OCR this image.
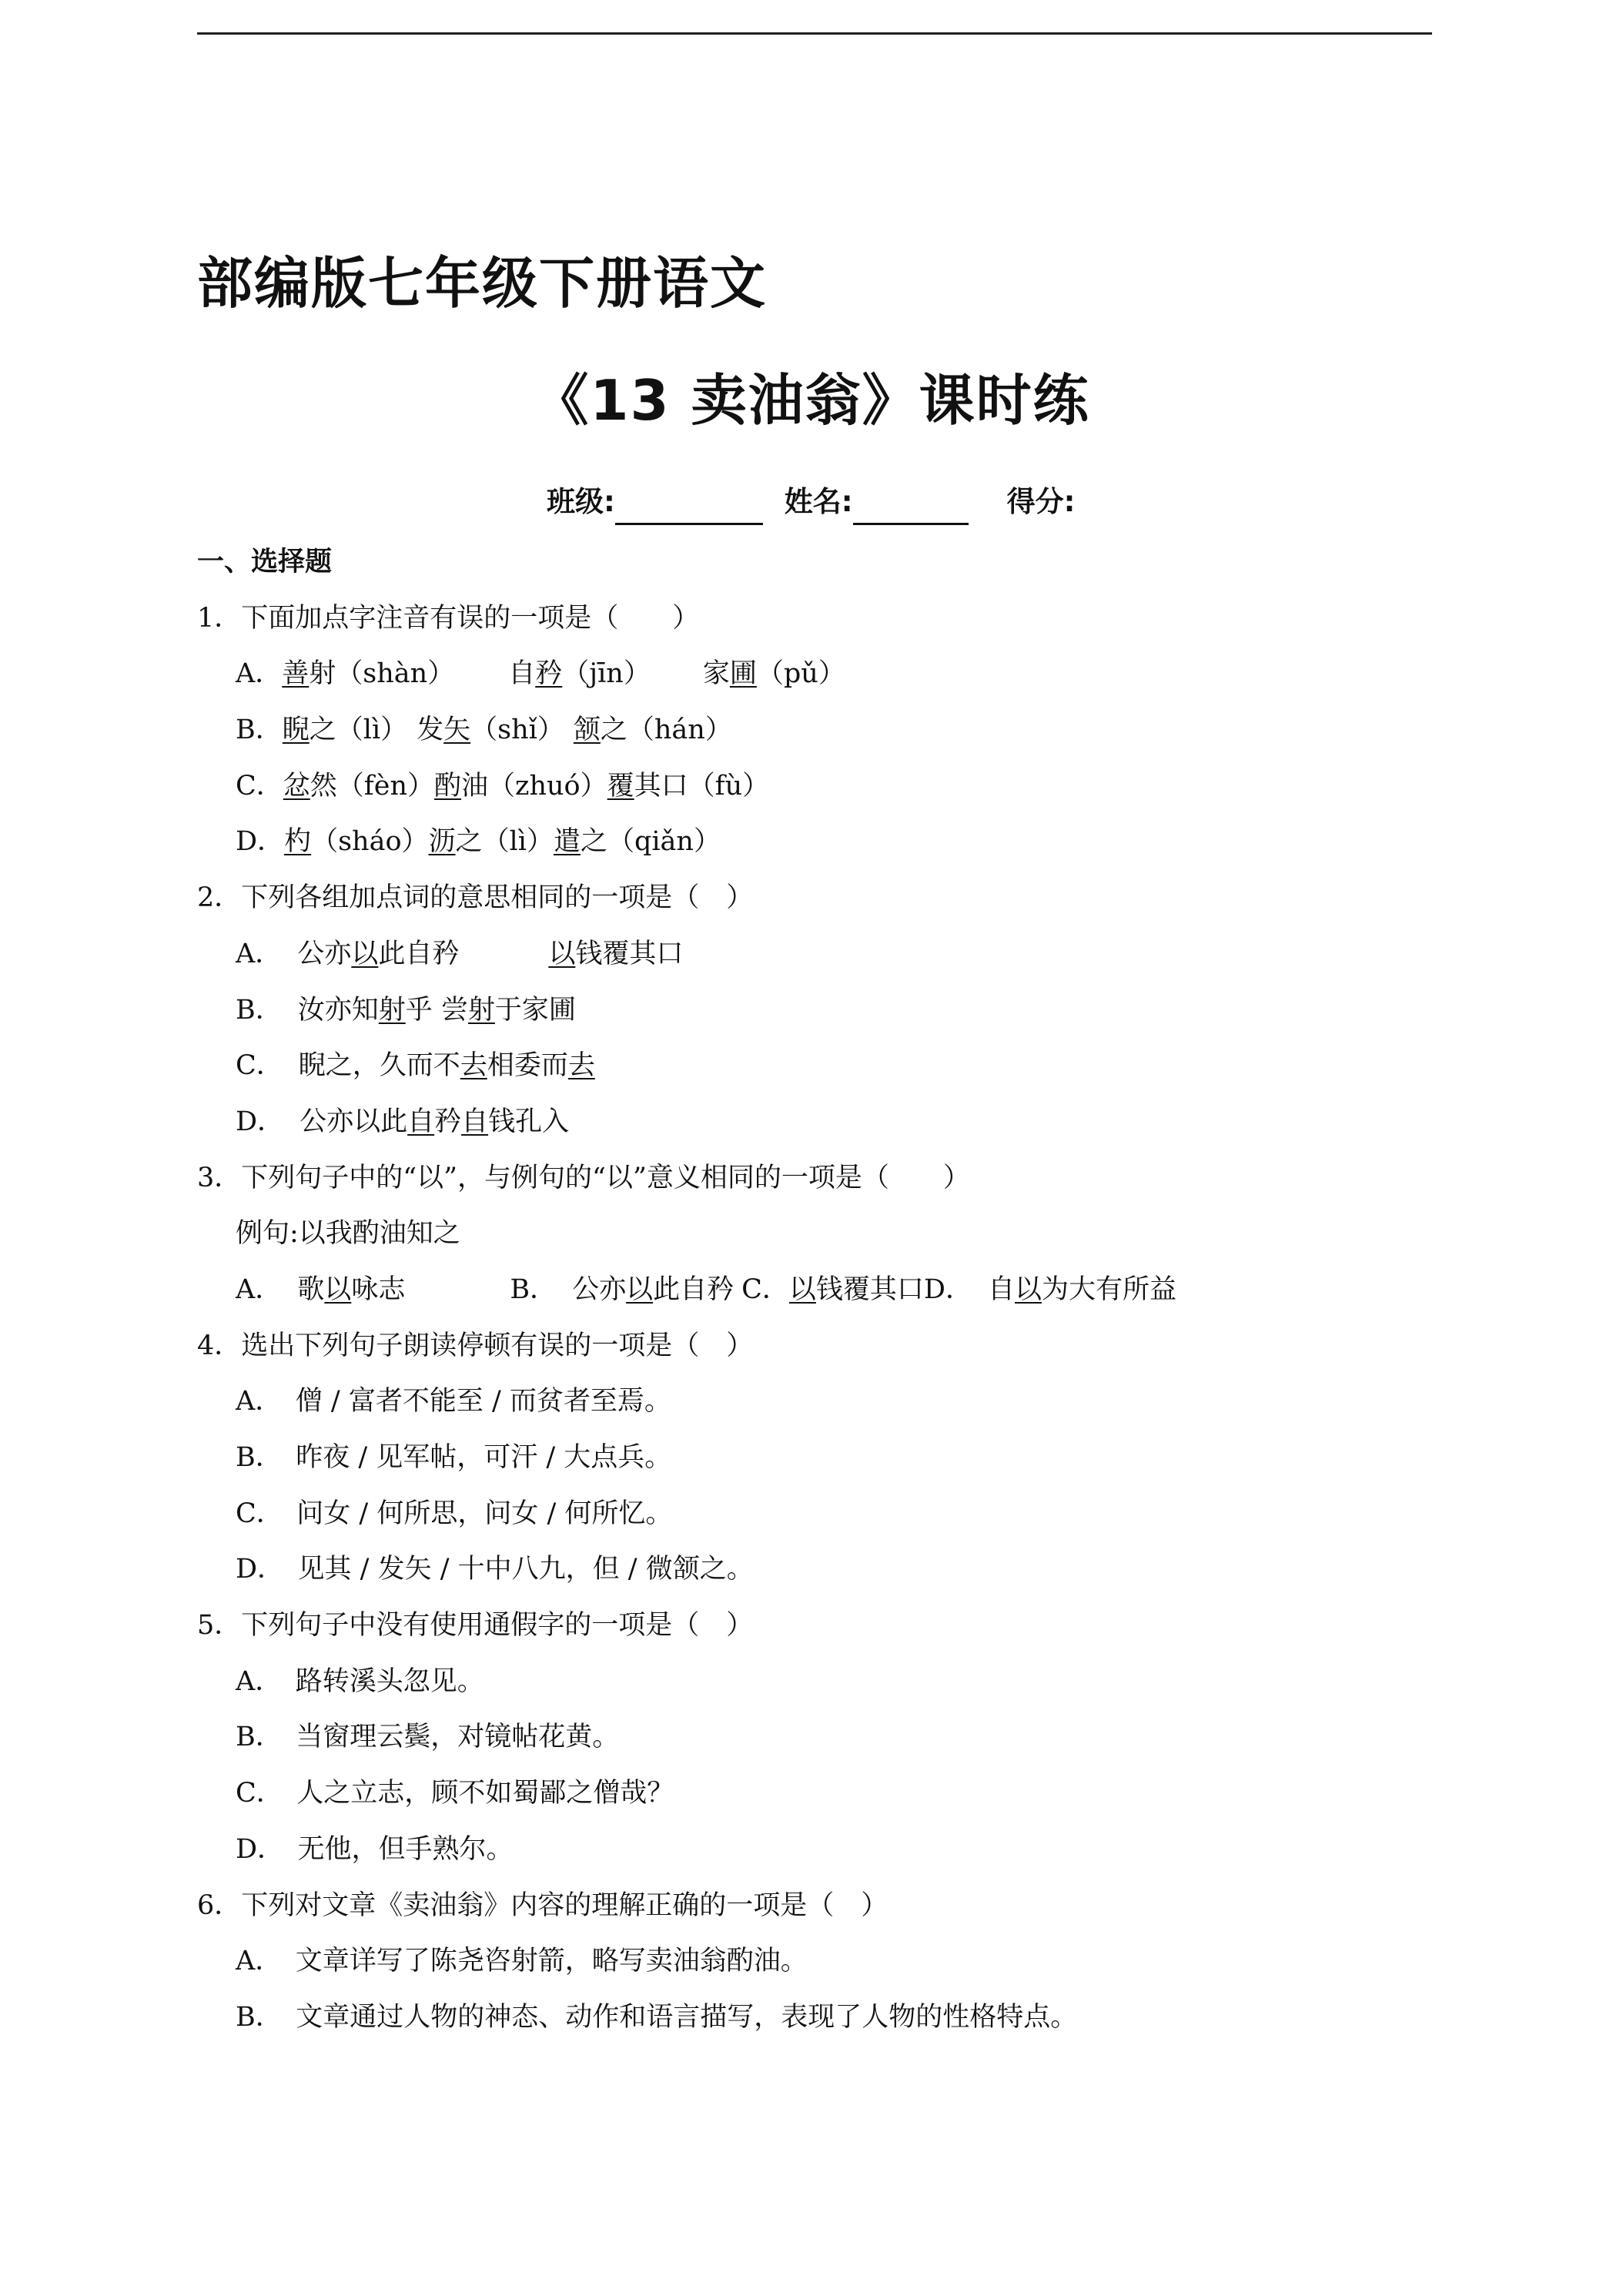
部编版七年级下册语文
《13 卖油翁》课时练
班级:	姓名:	得分:
一、选择题
1．下面加点字注音有误的一项是（　　）
A．善射（shàn） 自矜（jīn） 家圃（pǔ）
B．睨之（lì） 发矢（shǐ） 颔之（hán）
C．忿然（fèn）酌油（zhuó）覆其口（fù）
D．杓（sháo）沥之（lì）遣之（qiǎn）
2．下列各组加点词的意思相同的一项是（　）
A． 公亦以此自矜	以钱覆其口
B． 汝亦知射乎 尝射于家圃
C． 睨之，久而不去相委而去
D． 公亦以此自矜自钱孔入
3．下列句子中的“以”，与例句的“以”意义相同的一项是（　　）
例句:以我酌油知之
A． 歌以咏志	B． 公亦以此自矜 C．以钱覆其口D． 自以为大有所益
4．选出下列句子朗读停顿有误的一项是（　）
A．　僧 / 富者不能至 / 而贫者至焉。
B．　昨夜 / 见军帖，可汗 / 大点兵。
C．　问女 / 何所思，问女 / 何所忆。
D．　见其 / 发矢 / 十中八九，但 / 微颔之。
5．下列句子中没有使用通假字的一项是（　）
A．　路转溪头忽见。
B．　当窗理云鬓，对镜帖花黄。
C．　人之立志，顾不如蜀鄙之僧哉？
D．　无他，但手熟尔。
6．下列对文章《卖油翁》内容的理解正确的一项是（　）
A．　文章详写了陈尧咨射箭，略写卖油翁酌油。
B．　文章通过人物的神态、动作和语言描写，表现了人物的性格特点。
